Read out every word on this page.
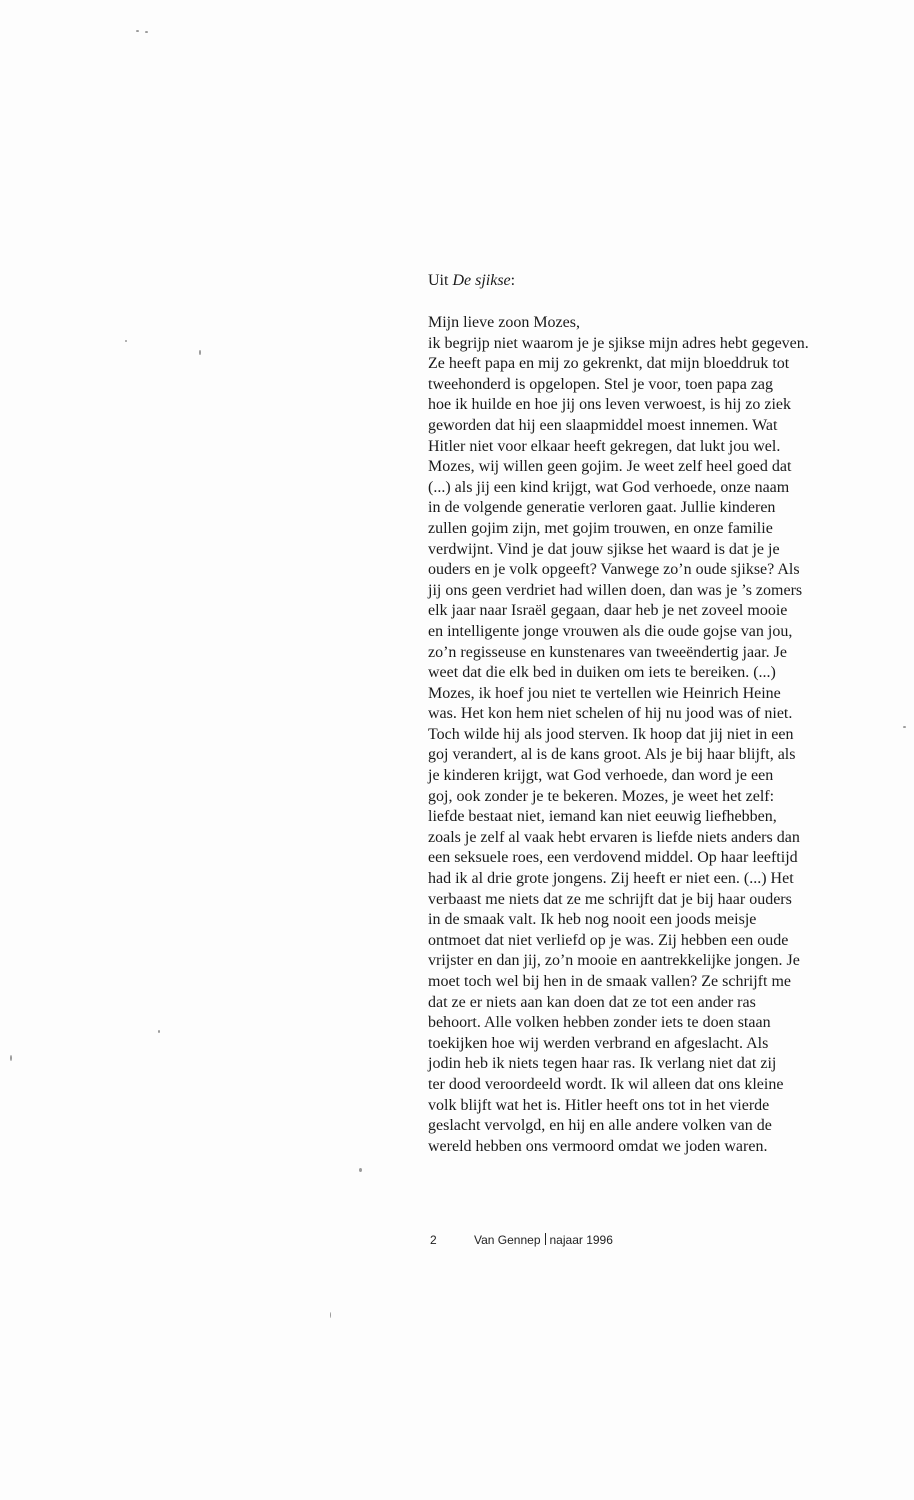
Uit De sjikse:
Mijn lieve zoon Mozes,
ik begrijp niet waarom je je sjikse mijn adres hebt gegeven.
Ze heeft papa en mij zo gekrenkt, dat mijn bloeddruk tot
tweehonderd is opgelopen. Stel je voor, toen papa zag
hoe ik huilde en hoe jij ons leven verwoest, is hij zo ziek
geworden dat hij een slaapmiddel moest innemen. Wat
Hitler niet voor elkaar heeft gekregen, dat lukt jou wel.
Mozes, wij willen geen gojim. Je weet zelf heel goed dat
(...) als jij een kind krijgt, wat God verhoede, onze naam
in de volgende generatie verloren gaat. Jullie kinderen
zullen gojim zijn, met gojim trouwen, en onze familie
verdwijnt. Vind je dat jouw sjikse het waard is dat je je
ouders en je volk opgeeft? Vanwege zo’n oude sjikse? Als
jij ons geen verdriet had willen doen, dan was je ’s zomers
elk jaar naar Israël gegaan, daar heb je net zoveel mooie
en intelligente jonge vrouwen als die oude gojse van jou,
zo’n regisseuse en kunstenares van tweeëndertig jaar. Je
weet dat die elk bed in duiken om iets te bereiken. (...)
Mozes, ik hoef jou niet te vertellen wie Heinrich Heine
was. Het kon hem niet schelen of hij nu jood was of niet.
Toch wilde hij als jood sterven. Ik hoop dat jij niet in een
goj verandert, al is de kans groot. Als je bij haar blijft, als
je kinderen krijgt, wat God verhoede, dan word je een
goj, ook zonder je te bekeren. Mozes, je weet het zelf:
liefde bestaat niet, iemand kan niet eeuwig liefhebben,
zoals je zelf al vaak hebt ervaren is liefde niets anders dan
een seksuele roes, een verdovend middel. Op haar leeftijd
had ik al drie grote jongens. Zij heeft er niet een. (...) Het
verbaast me niets dat ze me schrijft dat je bij haar ouders
in de smaak valt. Ik heb nog nooit een joods meisje
ontmoet dat niet verliefd op je was. Zij hebben een oude
vrijster en dan jij, zo’n mooie en aantrekkelijke jongen. Je
moet toch wel bij hen in de smaak vallen? Ze schrijft me
dat ze er niets aan kan doen dat ze tot een ander ras
behoort. Alle volken hebben zonder iets te doen staan
toekijken hoe wij werden verbrand en afgeslacht. Als
jodin heb ik niets tegen haar ras. Ik verlang niet dat zij
ter dood veroordeeld wordt. Ik wil alleen dat ons kleine
volk blijft wat het is. Hitler heeft ons tot in het vierde
geslacht vervolgd, en hij en alle andere volken van de
wereld hebben ons vermoord omdat we joden waren.
2	Van Gennep najaar 1996
